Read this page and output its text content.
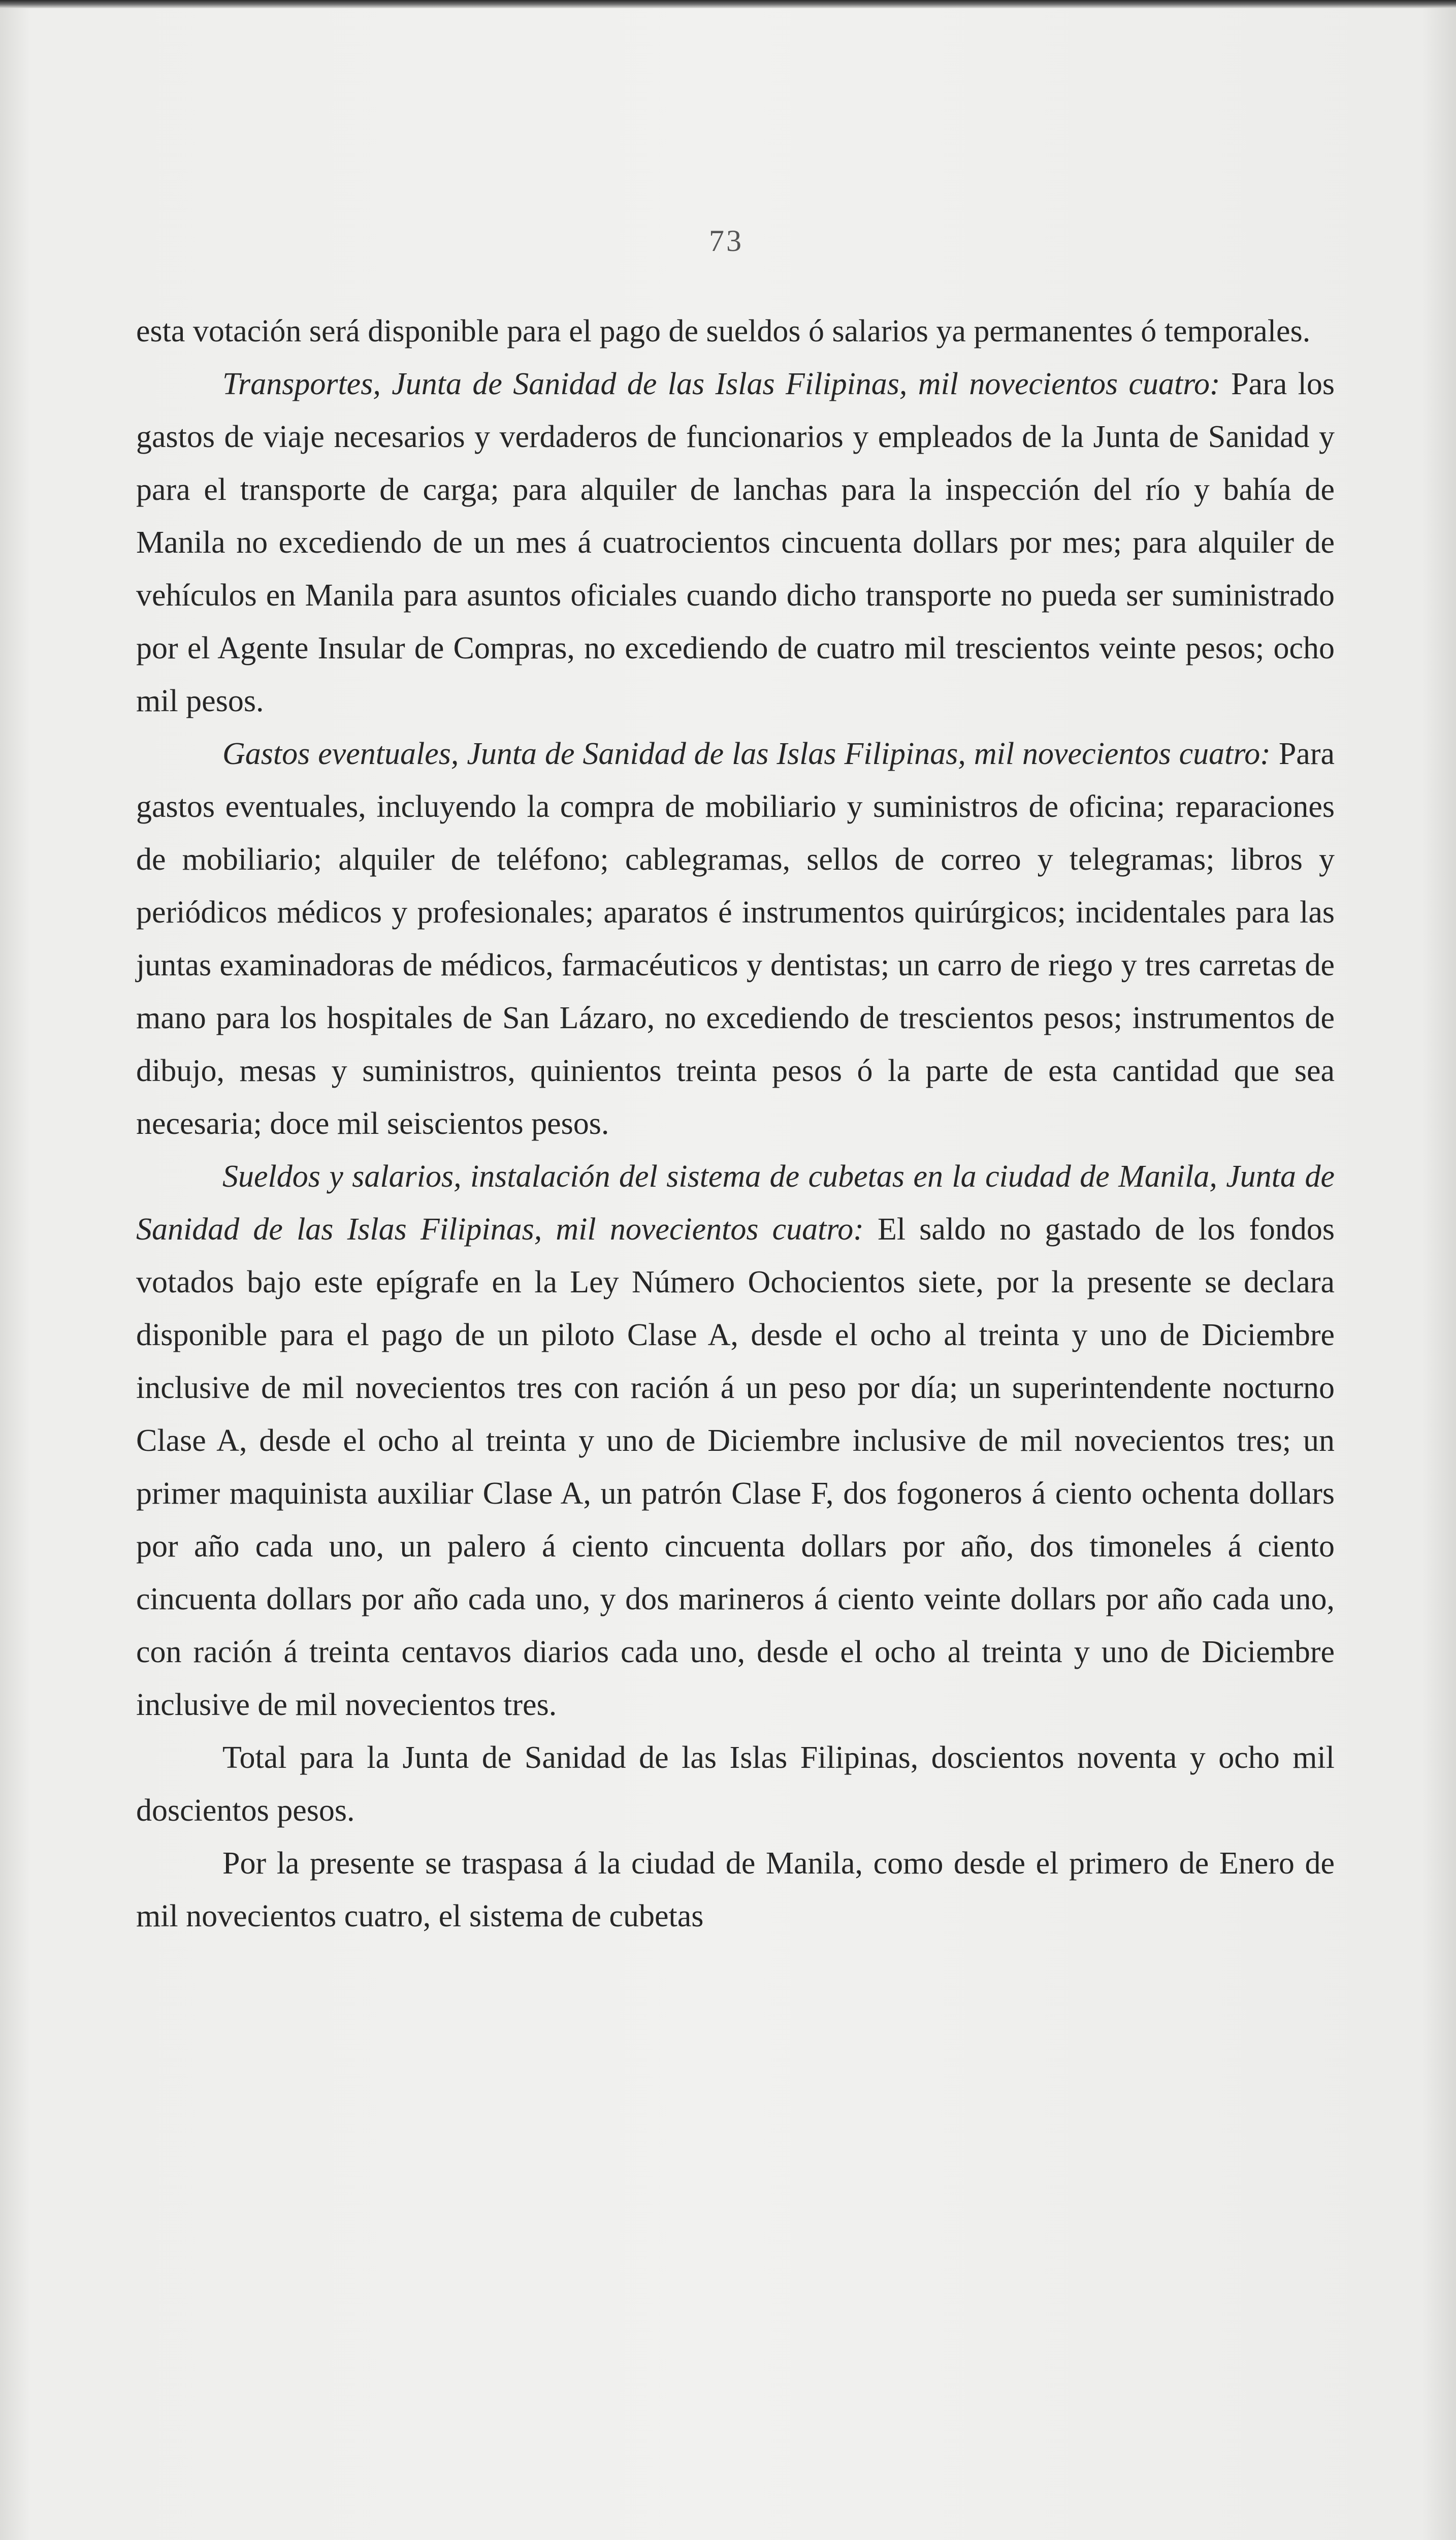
73

esta votación será disponible para el pago de sueldos ó salarios ya permanentes ó temporales.

Transportes, Junta de Sanidad de las Islas Filipinas, mil novecientos cuatro: Para los gastos de viaje necesarios y verdaderos de funcionarios y empleados de la Junta de Sanidad y para el transporte de carga; para alquiler de lanchas para la inspección del río y bahía de Manila no excediendo de un mes á cuatrocientos cincuenta dollars por mes; para alquiler de vehículos en Manila para asuntos oficiales cuando dicho transporte no pueda ser suministrado por el Agente Insular de Compras, no excediendo de cuatro mil trescientos veinte pesos; ocho mil pesos.

Gastos eventuales, Junta de Sanidad de las Islas Filipinas, mil novecientos cuatro: Para gastos eventuales, incluyendo la compra de mobiliario y suministros de oficina; reparaciones de mobiliario; alquiler de teléfono; cablegramas, sellos de correo y telegramas; libros y periódicos médicos y profesionales; aparatos é instrumentos quirúrgicos; incidentales para las juntas examinadoras de médicos, farmacéuticos y dentistas; un carro de riego y tres carretas de mano para los hospitales de San Lázaro, no excediendo de trescientos pesos; instrumentos de dibujo, mesas y suministros, quinientos treinta pesos ó la parte de esta cantidad que sea necesaria; doce mil seiscientos pesos.

Sueldos y salarios, instalación del sistema de cubetas en la ciudad de Manila, Junta de Sanidad de las Islas Filipinas, mil novecientos cuatro: El saldo no gastado de los fondos votados bajo este epígrafe en la Ley Número Ochocientos siete, por la presente se declara disponible para el pago de un piloto Clase A, desde el ocho al treinta y uno de Diciembre inclusive de mil novecientos tres con ración á un peso por día; un superintendente nocturno Clase A, desde el ocho al treinta y uno de Diciembre inclusive de mil novecientos tres; un primer maquinista auxiliar Clase A, un patrón Clase F, dos fogoneros á ciento ochenta dollars por año cada uno, un palero á ciento cincuenta dollars por año, dos timoneles á ciento cincuenta dollars por año cada uno, y dos marineros á ciento veinte dollars por año cada uno, con ración á treinta centavos diarios cada uno, desde el ocho al treinta y uno de Diciembre inclusive de mil novecientos tres.

Total para la Junta de Sanidad de las Islas Filipinas, doscientos noventa y ocho mil doscientos pesos.

Por la presente se traspasa á la ciudad de Manila, como desde el primero de Enero de mil novecientos cuatro, el sistema de cubetas
